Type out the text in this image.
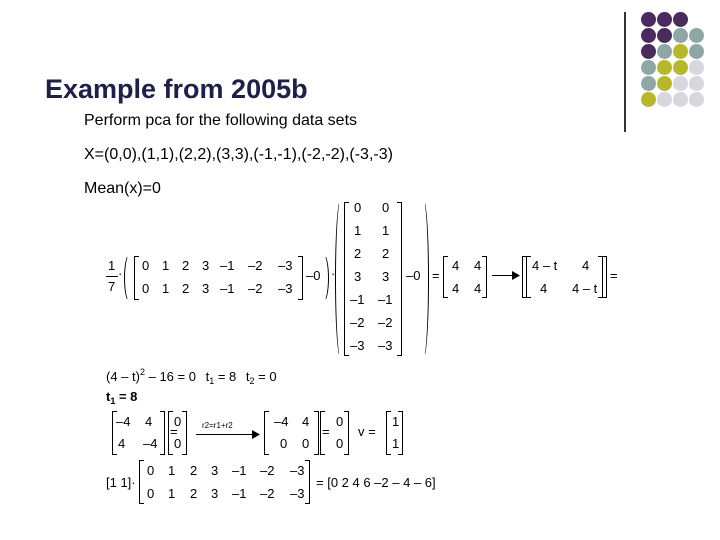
Example from 2005b
Perform pca for the following data sets
X=(0,0),(1,1),(2,2),(3,3),(-1,-1),(-2,-2),(-3,-3)
Mean(x)=0
1
7
·
0 1 2 3 –1 –2 –3
0 1 2 3 –1 –2 –3
–0 ·
0 0
1 1
2 2
3 3
–1 –1
–2 –2
–3 –3
–0 =
4 4
4 4
4 – t 4
4 4 – t
=
(4 – t)$^2$ – 16 = 0 $t_1 = 8$ $t_2 = 0$
$t_1 = 8$
–4 4
4 –4
0
0
=	r2=r1+r2	–4 4
0 0
0
0
= v =
1
1
[1 1]·
0 1 2 3 –1 –2 –3
0 1 2 3 –1 –2 –3
= [0 2 4 6 –2 – 4 – 6]
